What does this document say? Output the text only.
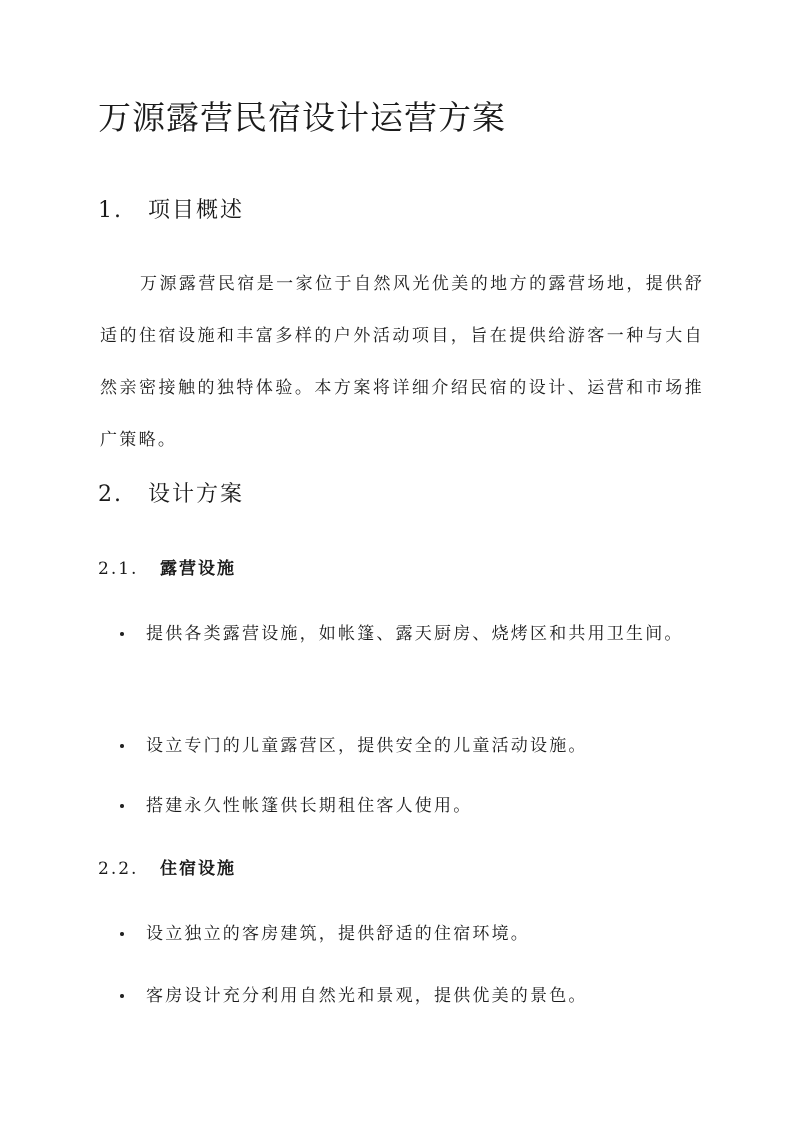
万源露营民宿设计运营方案
1. 项目概述

万源露营民宿是一家位于自然风光优美的地方的露营场地，提供舒适的住宿设施和丰富多样的户外活动项目，旨在提供给游客一种与大自然亲密接触的独特体验。本方案将详细介绍民宿的设计、运营和市场推广策略。

2. 设计方案
2.1. 露营设施
提供各类露营设施，如帐篷、露天厨房、烧烤区和共用卫生间。
设立专门的儿童露营区，提供安全的儿童活动设施。
搭建永久性帐篷供长期租住客人使用。
2.2. 住宿设施
设立独立的客房建筑，提供舒适的住宿环境。
客房设计充分利用自然光和景观，提供优美的景色。
